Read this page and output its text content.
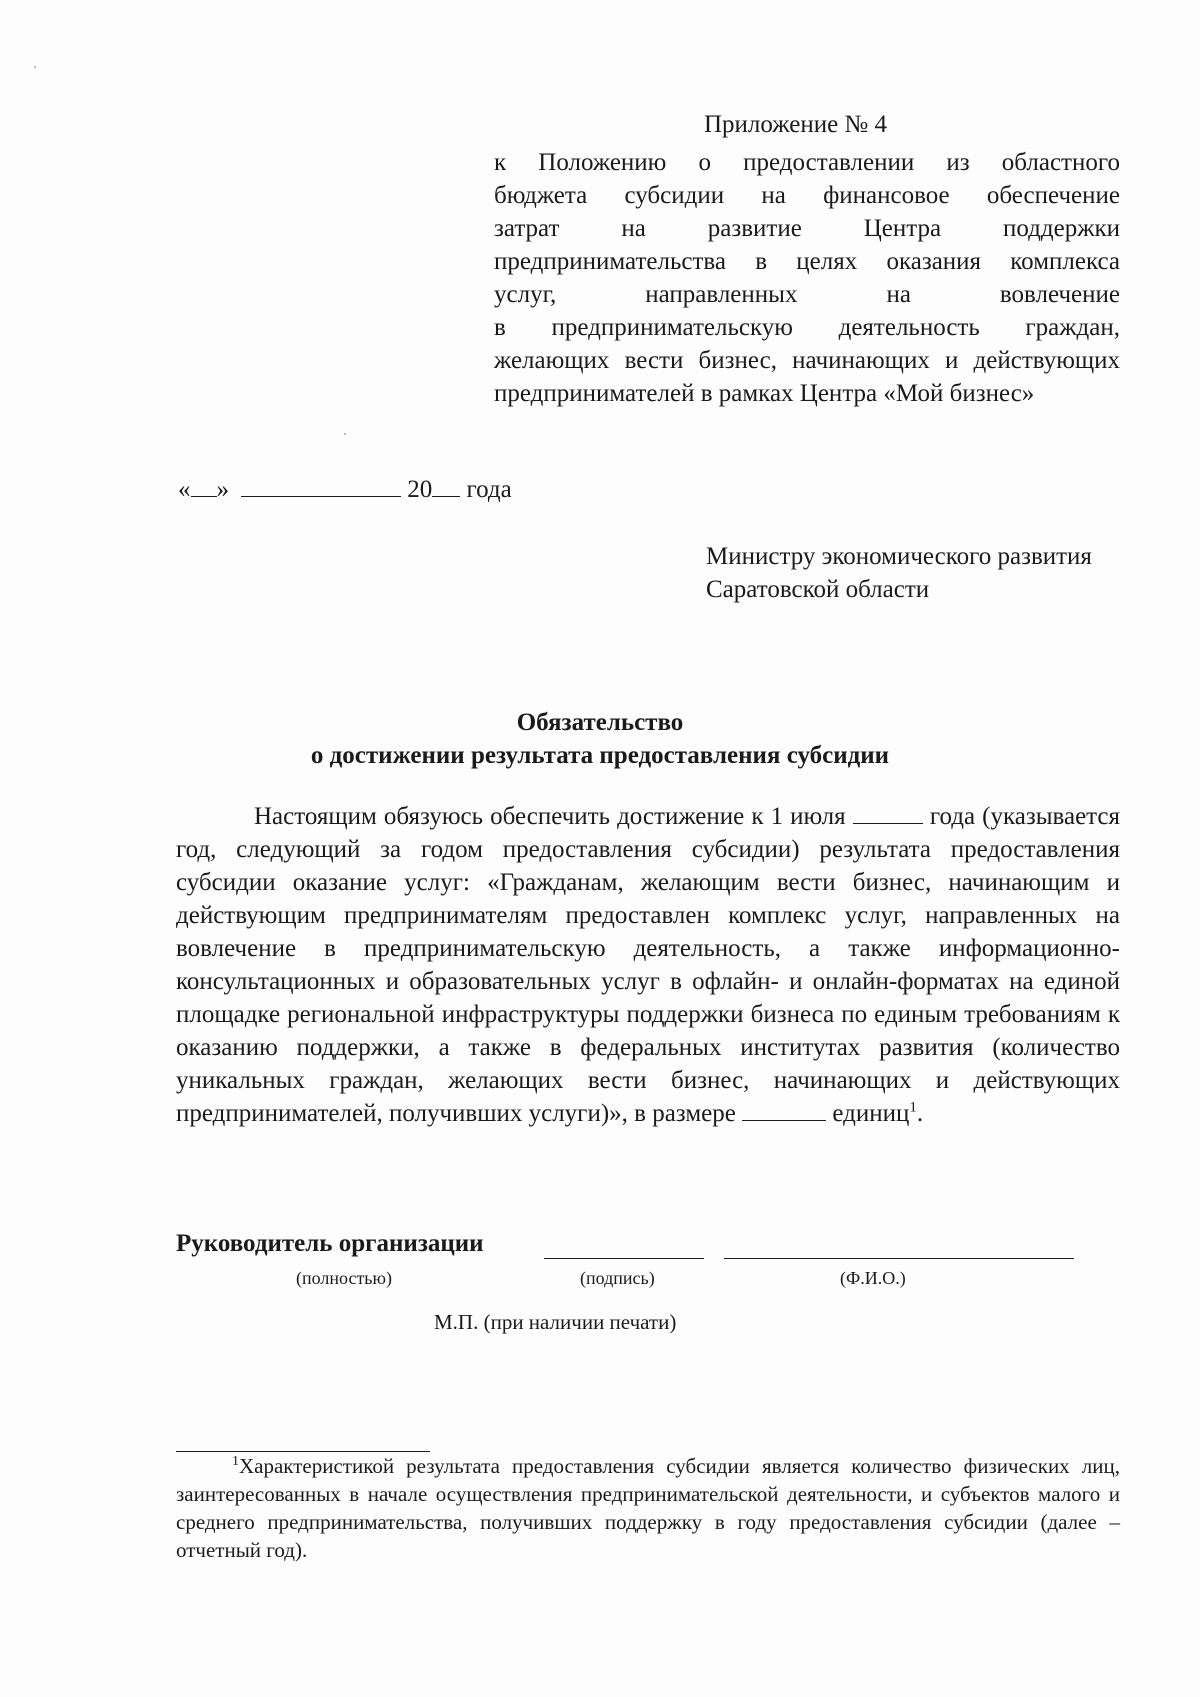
Приложение № 4
к Положению о предоставлении из областного
бюджета субсидии на финансовое обеспечение
затрат на развитие Центра поддержки
предпринимательства в целях оказания комплекса
услуг, направленных на вовлечение
в предпринимательскую деятельность граждан,
желающих вести бизнес, начинающих и действующих
предпринимателей в рамках Центра «Мой бизнес»
« »	20 года
Министру экономического развития
Саратовской области
Обязательство
о достижении результата предоставления субсидии

Настоящим обязуюсь обеспечить достижение к 1 июля	года (указывается год, следующий за годом предоставления субсидии) результата предоставления субсидии оказание услуг: «Гражданам, желающим вести бизнес, начинающим и действующим предпринимателям предоставлен комплекс услуг, направленных на вовлечение в предпринимательскую деятельность, а также информационно-консультационных и образовательных услуг в офлайн- и онлайн-форматах на единой площадке региональной инфраструктуры поддержки бизнеса по единым требованиям к оказанию поддержки, а также в федеральных институтах развития (количество уникальных граждан, желающих вести бизнес, начинающих и действующих предпринимателей, получивших услуги)», в размере	единиц$^1$.

Руководитель организации
(полностью)	(подпись)	(Ф.И.О.)
М.П. (при наличии печати)

$^1$Характеристикой результата предоставления субсидии является количество физических лиц, заинтересованных в начале осуществления предпринимательской деятельности, и субъектов малого и среднего предпринимательства, получивших поддержку в году предоставления субсидии (далее – отчетный год).
